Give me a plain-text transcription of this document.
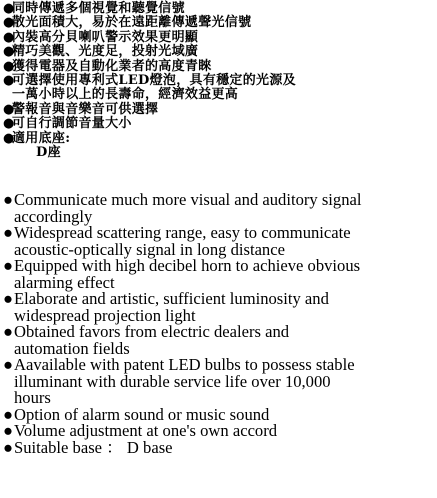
●
同時傳遞多個視覺和聽覺信號
●
散光面積大，易於在遠距離傳遞聲光信號
●
內裝高分貝喇叭警示效果更明顯
●
精巧美觀、光度足，投射光域廣
●
獲得電器及自動化業者的高度青睞
●
可選擇使用專利式LED燈泡，具有穩定的光源及
一萬小時以上的長壽命，經濟效益更高
●
警報音與音樂音可供選擇
●
可自行調節音量大小
●
適用底座:
D座
● Communicate much more visual and auditory signal
accordingly
● Widespread scattering range, easy to communicate
acoustic-optically signal in long distance
● Equipped with high decibel horn to achieve obvious
alarming effect
● Elaborate and artistic, sufficient luminosity and
widespread projection light
● Obtained favors from electric dealers and
automation fields
● Aavailable with patent LED bulbs to possess stable
illuminant with durable service life over 10,000
hours
● Option of alarm sound or music sound
● Volume adjustment at one's own accord
● Suitable base ： D base
